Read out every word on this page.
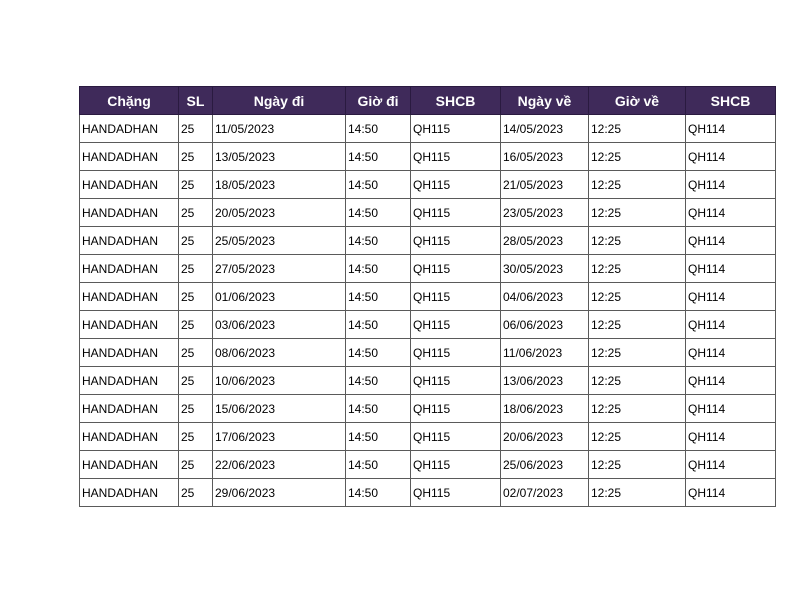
Chặng	SL	Ngày đi	Giờ đi	SHCB	Ngày về	Giờ về	SHCB
HANDADHAN	25	11/05/2023	14:50	QH115	14/05/2023	12:25	QH114
HANDADHAN	25	13/05/2023	14:50	QH115	16/05/2023	12:25	QH114
HANDADHAN	25	18/05/2023	14:50	QH115	21/05/2023	12:25	QH114
HANDADHAN	25	20/05/2023	14:50	QH115	23/05/2023	12:25	QH114
HANDADHAN	25	25/05/2023	14:50	QH115	28/05/2023	12:25	QH114
HANDADHAN	25	27/05/2023	14:50	QH115	30/05/2023	12:25	QH114
HANDADHAN	25	01/06/2023	14:50	QH115	04/06/2023	12:25	QH114
HANDADHAN	25	03/06/2023	14:50	QH115	06/06/2023	12:25	QH114
HANDADHAN	25	08/06/2023	14:50	QH115	11/06/2023	12:25	QH114
HANDADHAN	25	10/06/2023	14:50	QH115	13/06/2023	12:25	QH114
HANDADHAN	25	15/06/2023	14:50	QH115	18/06/2023	12:25	QH114
HANDADHAN	25	17/06/2023	14:50	QH115	20/06/2023	12:25	QH114
HANDADHAN	25	22/06/2023	14:50	QH115	25/06/2023	12:25	QH114
HANDADHAN	25	29/06/2023	14:50	QH115	02/07/2023	12:25	QH114
